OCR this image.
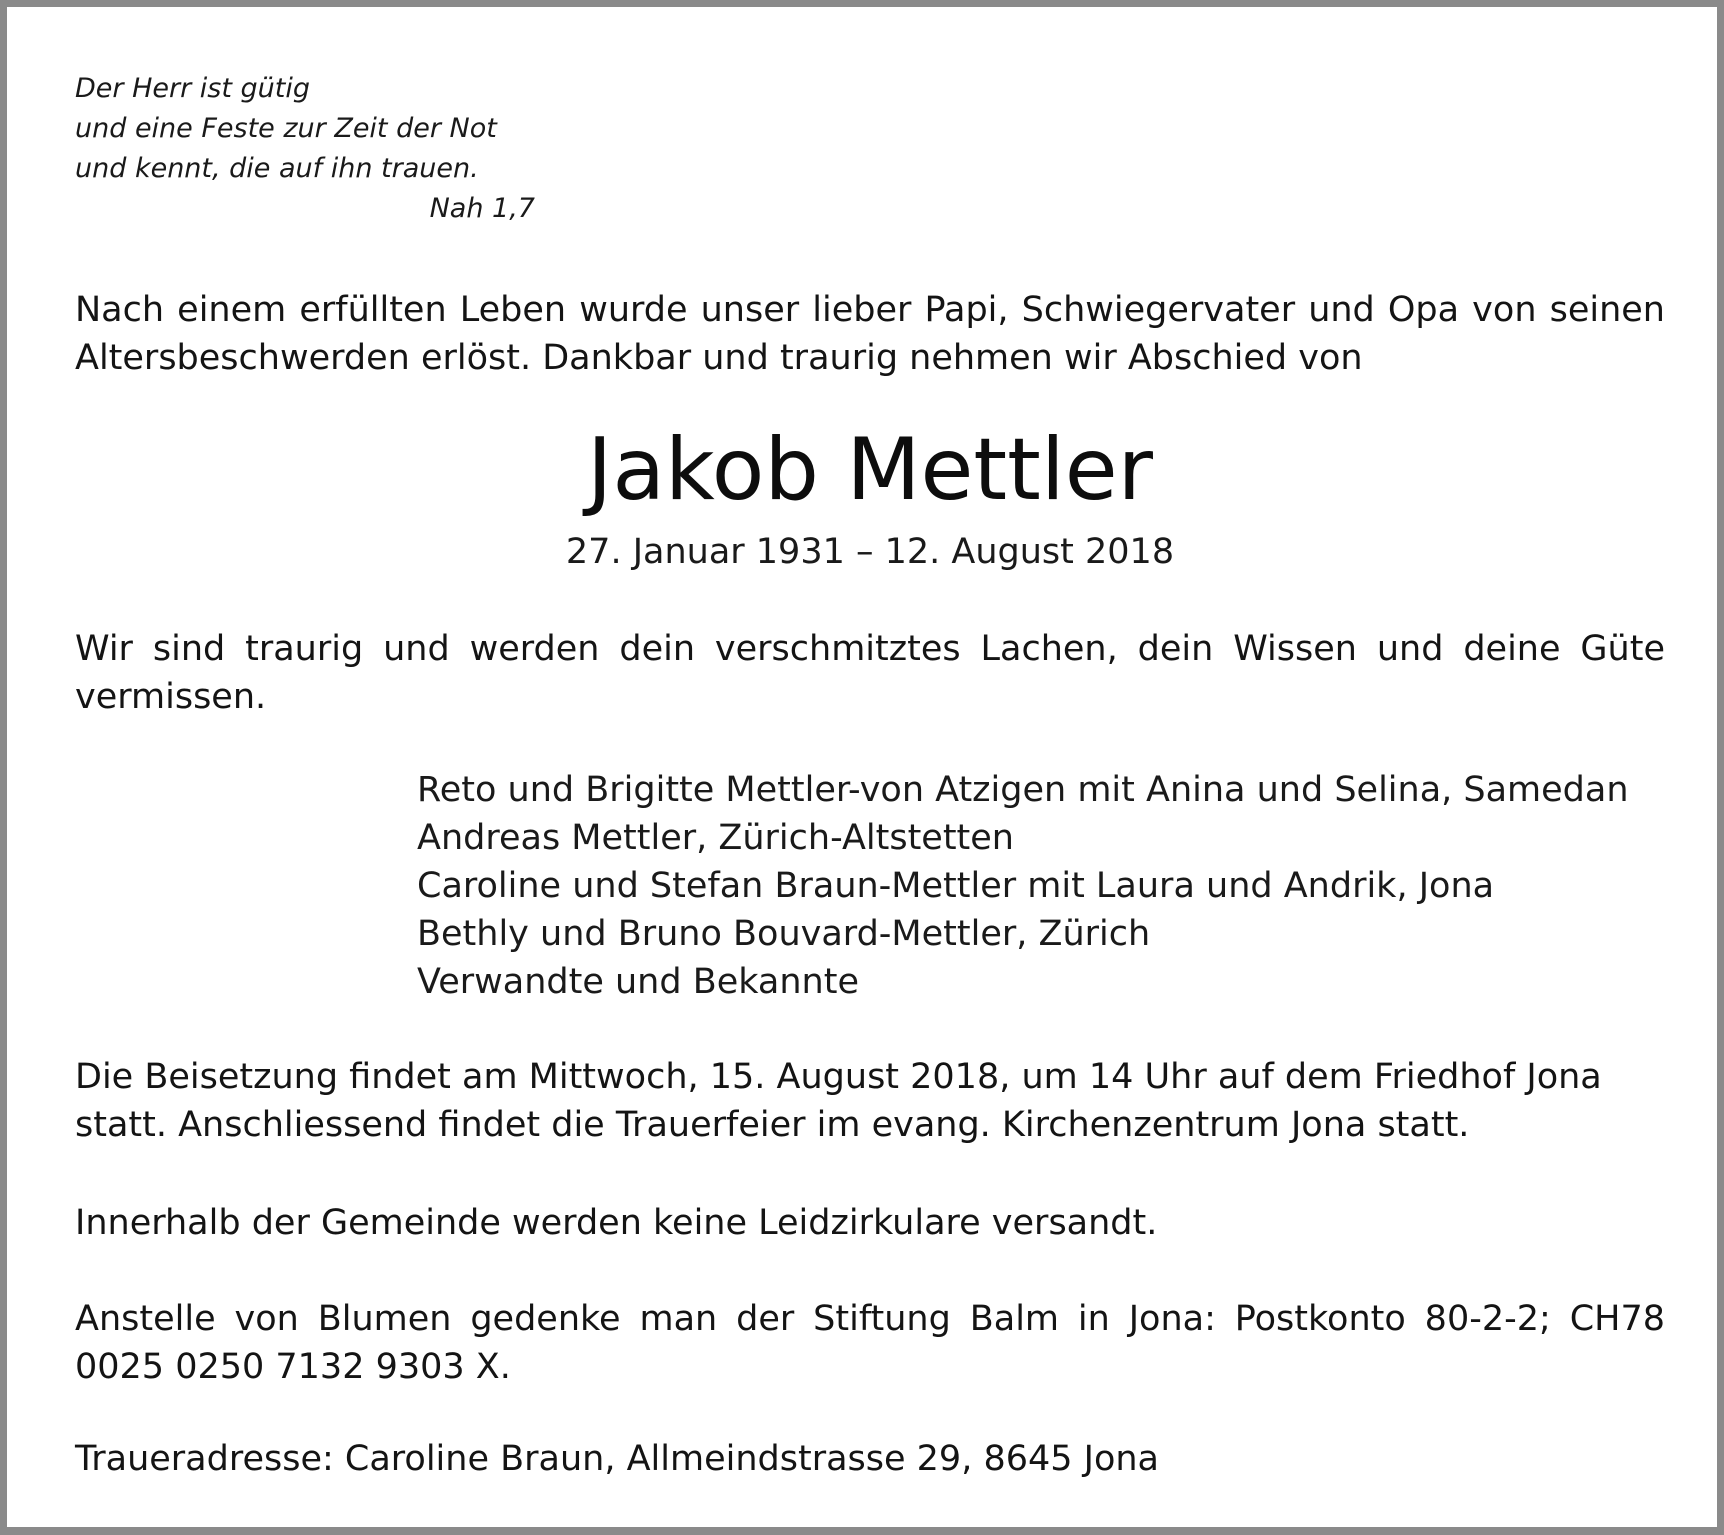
Der Herr ist gütig
und eine Feste zur Zeit der Not
und kennt, die auf ihn trauen.
Nah 1,7
Nach einem erfüllten Leben wurde unser lieber Papi, Schwiegervater und Opa von seinen Altersbeschwerden erlöst. Dankbar und traurig nehmen wir Abschied von
Jakob Mettler
27. Januar 1931 – 12. August 2018
Wir sind traurig und werden dein verschmitztes Lachen, dein Wissen und deine Güte vermissen.
Reto und Brigitte Mettler-von Atzigen mit Anina und Selina, Samedan
Andreas Mettler, Zürich-Altstetten
Caroline und Stefan Braun-Mettler mit Laura und Andrik, Jona
Bethly und Bruno Bouvard-Mettler, Zürich
Verwandte und Bekannte
Die Beisetzung findet am Mittwoch, 15. August 2018, um 14 Uhr auf dem Friedhof Jona statt. Anschliessend findet die Trauerfeier im evang. Kirchenzentrum Jona statt.
Innerhalb der Gemeinde werden keine Leidzirkulare versandt.
Anstelle von Blumen gedenke man der Stiftung Balm in Jona: Postkonto 80-2-2; CH78 0025 0250 7132 9303 X.
Traueradresse: Caroline Braun, Allmeindstrasse 29, 8645 Jona
